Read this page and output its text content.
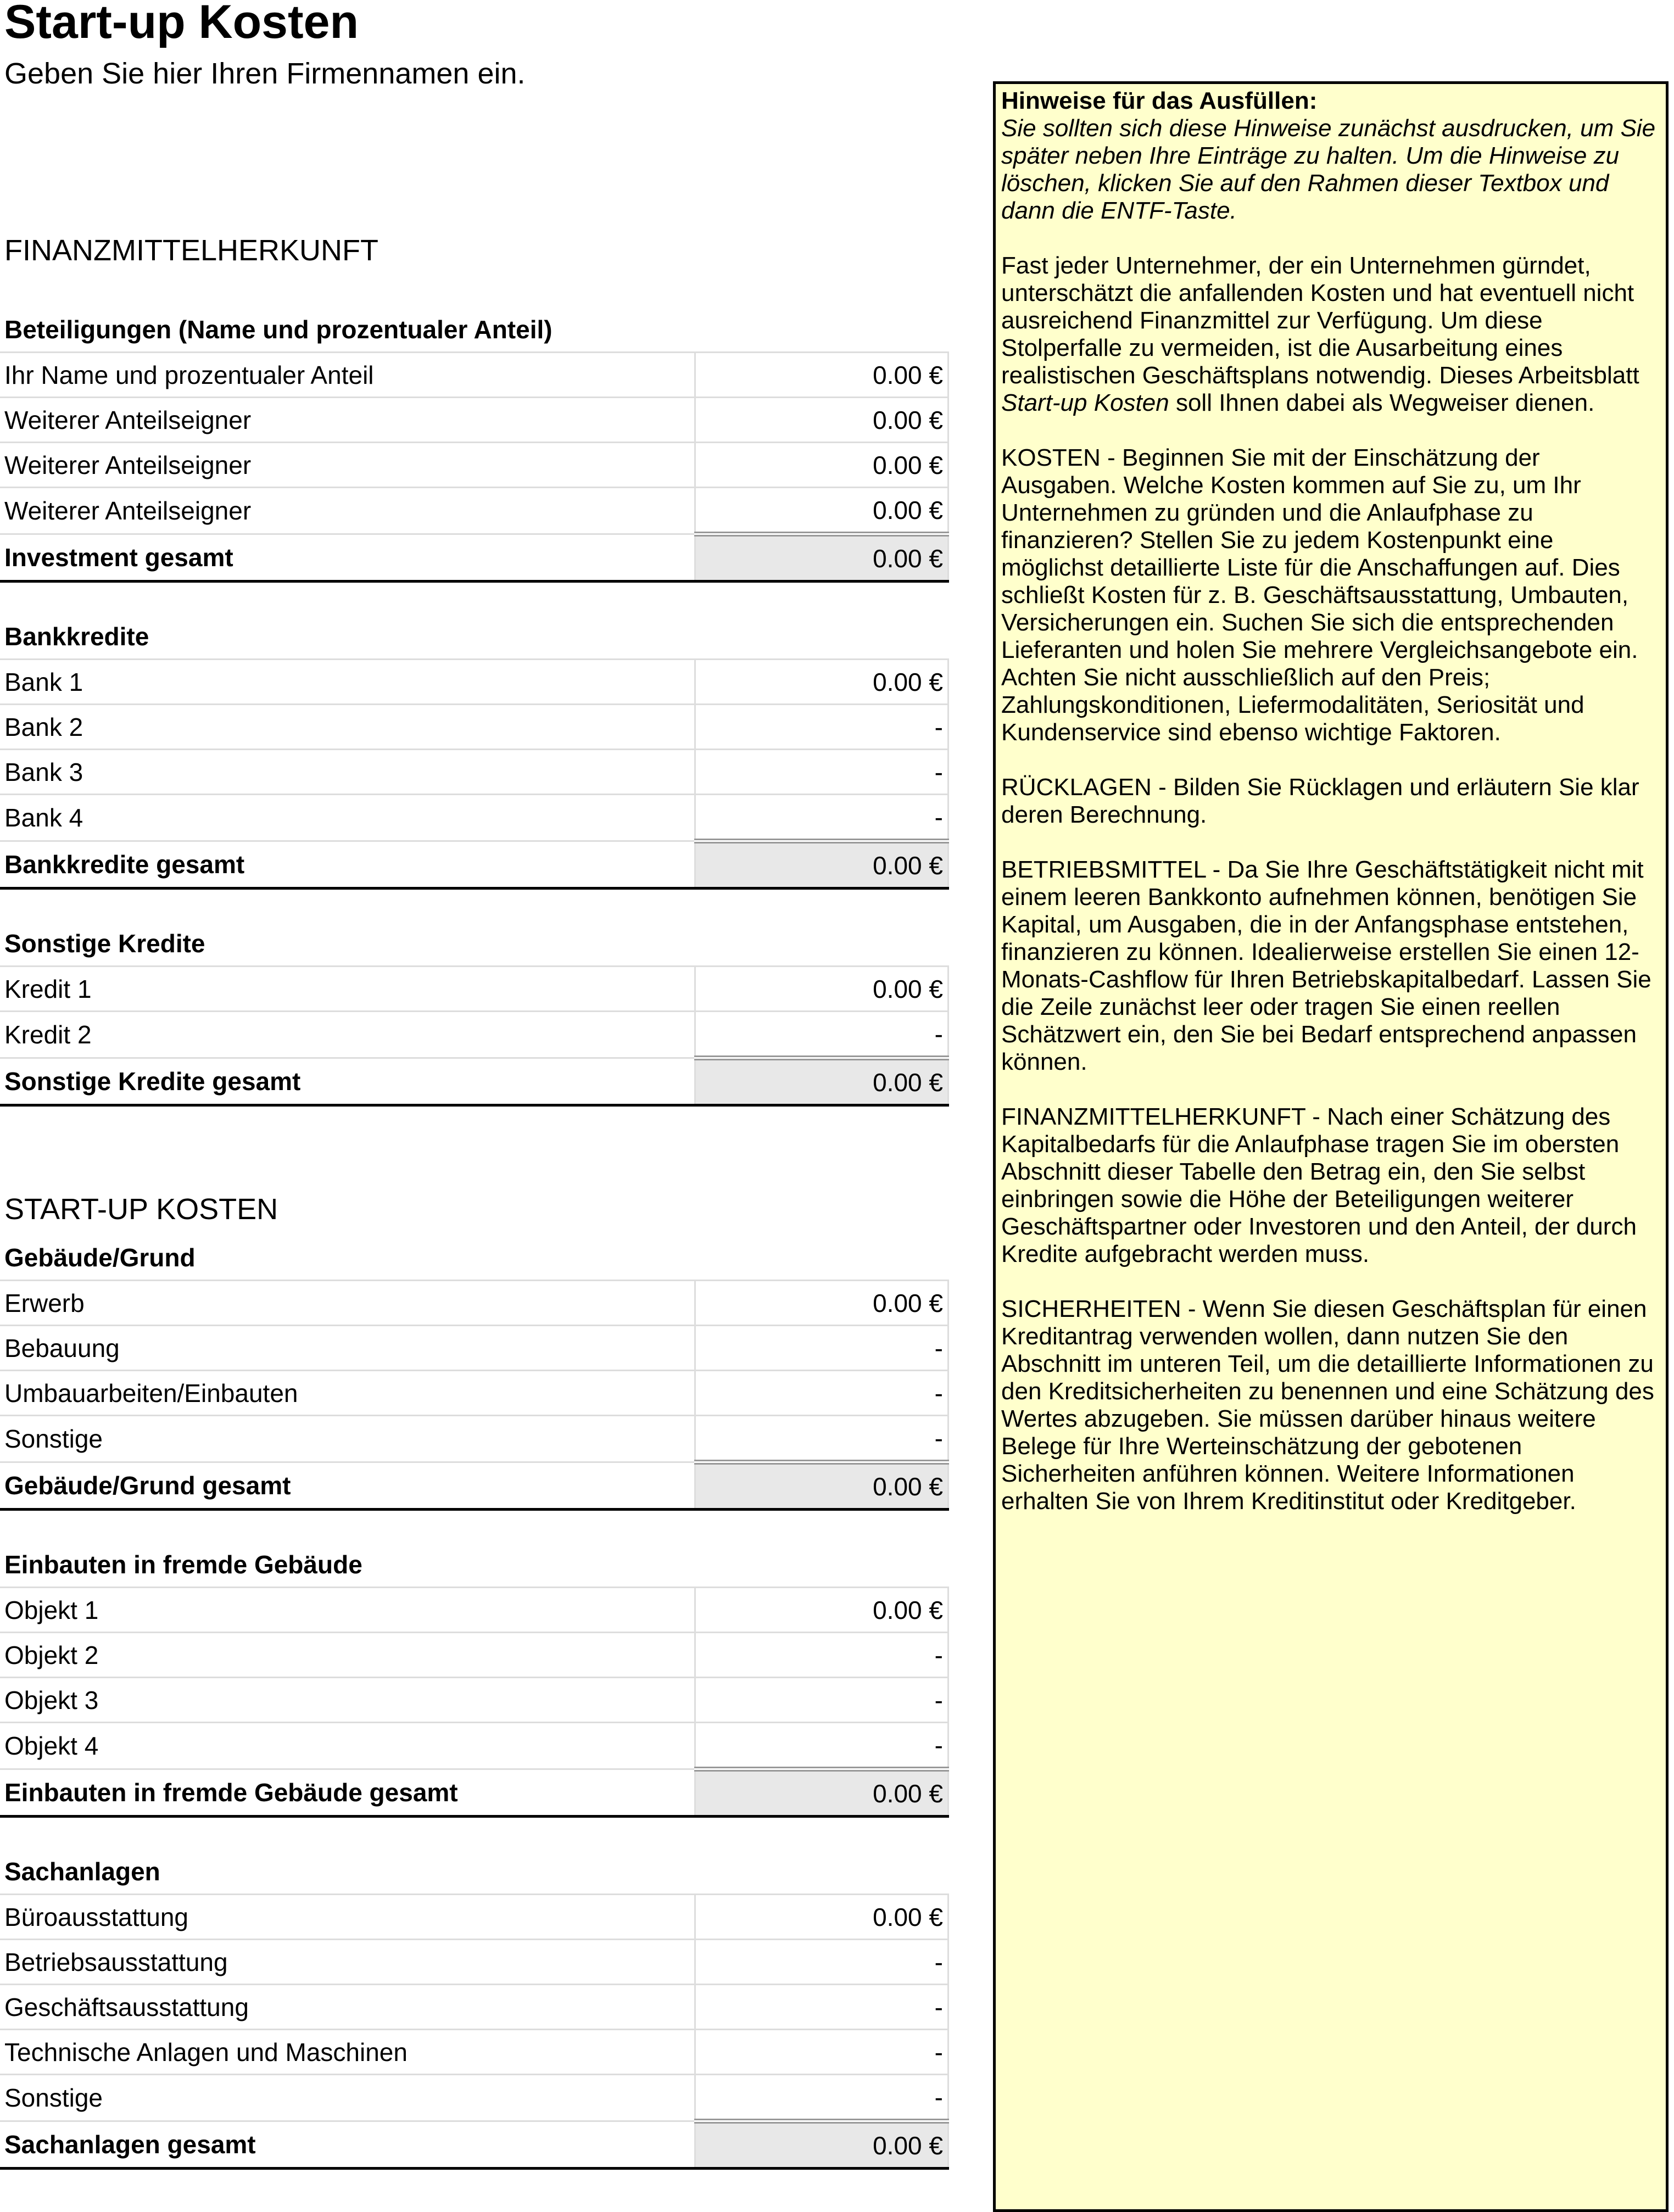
Start-up Kosten
Geben Sie hier Ihren Firmennamen ein.
FINANZMITTELHERKUNFT
Beteiligungen (Name und prozentualer Anteil)
Ihr Name und prozentualer Anteil	0.00 €
Weiterer Anteilseigner	0.00 €
Weiterer Anteilseigner	0.00 €
Weiterer Anteilseigner	0.00 €
Investment gesamt	0.00 €
Bankkredite
Bank 1	0.00 €
Bank 2	-
Bank 3	-
Bank 4	-
Bankkredite gesamt	0.00 €
Sonstige Kredite
Kredit 1	0.00 €
Kredit 2	-
Sonstige Kredite gesamt	0.00 €
START-UP KOSTEN
Gebäude/Grund
Erwerb	0.00 €
Bebauung	-
Umbauarbeiten/Einbauten	-
Sonstige	-
Gebäude/Grund gesamt	0.00 €
Einbauten in fremde Gebäude
Objekt 1	0.00 €
Objekt 2	-
Objekt 3	-
Objekt 4	-
Einbauten in fremde Gebäude gesamt	0.00 €
Sachanlagen
Büroausstattung	0.00 €
Betriebsausstattung	-
Geschäftsausstattung	-
Technische Anlagen und Maschinen	-
Sonstige	-
Sachanlagen gesamt	0.00 €

Hinweise für das Ausfüllen:

Sie sollten sich diese Hinweise zunächst ausdrucken, um Sie später neben Ihre Einträge zu halten. Um die Hinweise zu löschen, klicken Sie auf den Rahmen dieser Textbox und dann die ENTF-Taste.

Fast jeder Unternehmer, der ein Unternehmen gürndet, unterschätzt die anfallenden Kosten und hat eventuell nicht ausreichend Finanzmittel zur Verfügung. Um diese Stolperfalle zu vermeiden, ist die Ausarbeitung eines realistischen Geschäftsplans notwendig. Dieses Arbeitsblatt Start-up Kosten soll Ihnen dabei als Wegweiser dienen.

KOSTEN - Beginnen Sie mit der Einschätzung der Ausgaben. Welche Kosten kommen auf Sie zu, um Ihr Unternehmen zu gründen und die Anlaufphase zu finanzieren? Stellen Sie zu jedem Kostenpunkt eine möglichst detaillierte Liste für die Anschaffungen auf. Dies schließt Kosten für z. B. Geschäftsausstattung, Umbauten, Versicherungen ein. Suchen Sie sich die entsprechenden Lieferanten und holen Sie mehrere Vergleichsangebote ein. Achten Sie nicht ausschließlich auf den Preis; Zahlungskonditionen, Liefermodalitäten, Seriosität und Kundenservice sind ebenso wichtige Faktoren.

RÜCKLAGEN - Bilden Sie Rücklagen und erläutern Sie klar deren Berechnung.

BETRIEBSMITTEL - Da Sie Ihre Geschäftstätigkeit nicht mit einem leeren Bankkonto aufnehmen können, benötigen Sie Kapital, um Ausgaben, die in der Anfangsphase entstehen, finanzieren zu können. Idealierweise erstellen Sie einen 12-Monats-Cashflow für Ihren Betriebskapitalbedarf. Lassen Sie die Zeile zunächst leer oder tragen Sie einen reellen Schätzwert ein, den Sie bei Bedarf entsprechend anpassen können.

FINANZMITTELHERKUNFT - Nach einer Schätzung des Kapitalbedarfs für die Anlaufphase tragen Sie im obersten Abschnitt dieser Tabelle den Betrag ein, den Sie selbst einbringen sowie die Höhe der Beteiligungen weiterer Geschäftspartner oder Investoren und den Anteil, der durch Kredite aufgebracht werden muss.

SICHERHEITEN - Wenn Sie diesen Geschäftsplan für einen Kreditantrag verwenden wollen, dann nutzen Sie den Abschnitt im unteren Teil, um die detaillierte Informationen zu den Kreditsicherheiten zu benennen und eine Schätzung des Wertes abzugeben. Sie müssen darüber hinaus weitere Belege für Ihre Werteinschätzung der gebotenen Sicherheiten anführen können. Weitere Informationen erhalten Sie von Ihrem Kreditinstitut oder Kreditgeber.
